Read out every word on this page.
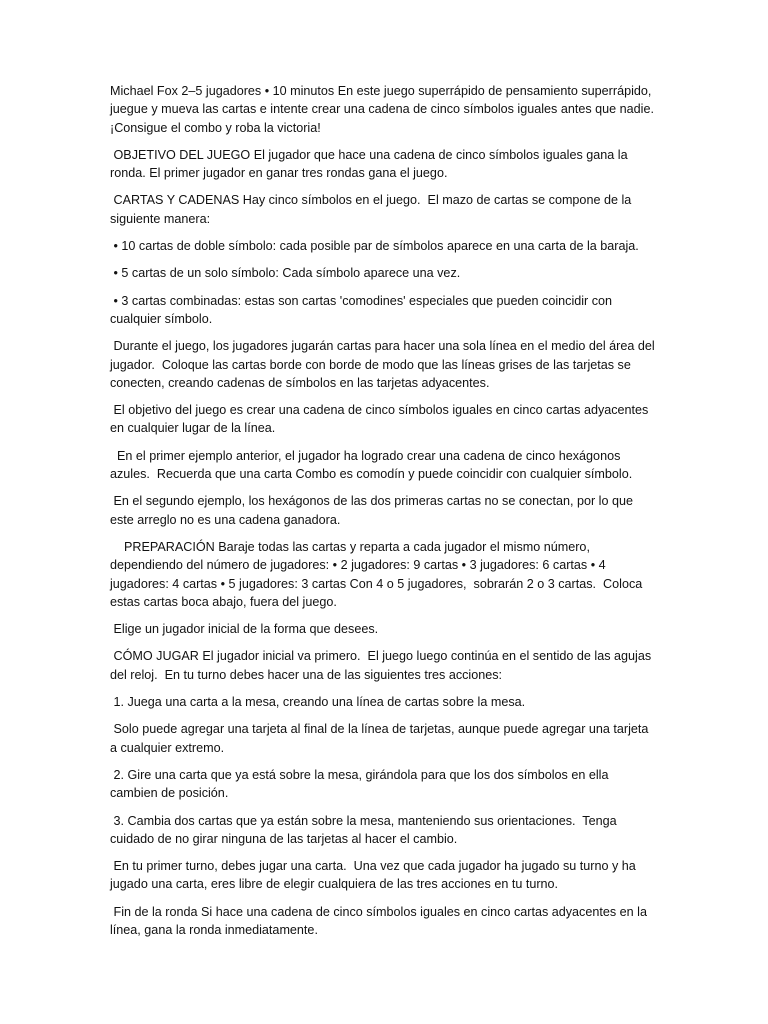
Michael Fox 2–5 jugadores • 10 minutos En este juego superrápido de pensamiento superrápido, juegue y mueva las cartas e intente crear una cadena de cinco símbolos iguales antes que nadie.  ¡Consigue el combo y roba la victoria!

OBJETIVO DEL JUEGO El jugador que hace una cadena de cinco símbolos iguales gana la ronda. El primer jugador en ganar tres rondas gana el juego.

CARTAS Y CADENAS Hay cinco símbolos en el juego.  El mazo de cartas se compone de la siguiente manera:

• 10 cartas de doble símbolo: cada posible par de símbolos aparece en una carta de la baraja.

• 5 cartas de un solo símbolo: Cada símbolo aparece una vez.

• 3 cartas combinadas: estas son cartas 'comodines' especiales que pueden coincidir con cualquier símbolo.

Durante el juego, los jugadores jugarán cartas para hacer una sola línea en el medio del área del jugador.  Coloque las cartas borde con borde de modo que las líneas grises de las tarjetas se conecten, creando cadenas de símbolos en las tarjetas adyacentes.

El objetivo del juego es crear una cadena de cinco símbolos iguales en cinco cartas adyacentes en cualquier lugar de la línea.

En el primer ejemplo anterior, el jugador ha logrado crear una cadena de cinco hexágonos azules.  Recuerda que una carta Combo es comodín y puede coincidir con cualquier símbolo.

En el segundo ejemplo, los hexágonos de las dos primeras cartas no se conectan, por lo que este arreglo no es una cadena ganadora.

PREPARACIÓN Baraje todas las cartas y reparta a cada jugador el mismo número, dependiendo del número de jugadores: • 2 jugadores: 9 cartas • 3 jugadores: 6 cartas • 4 jugadores: 4 cartas • 5 jugadores: 3 cartas Con 4 o 5 jugadores,  sobrarán 2 o 3 cartas.  Coloca estas cartas boca abajo, fuera del juego.

Elige un jugador inicial de la forma que desees.

CÓMO JUGAR El jugador inicial va primero.  El juego luego continúa en el sentido de las agujas del reloj.  En tu turno debes hacer una de las siguientes tres acciones:

1. Juega una carta a la mesa, creando una línea de cartas sobre la mesa.

Solo puede agregar una tarjeta al final de la línea de tarjetas, aunque puede agregar una tarjeta a cualquier extremo.

2. Gire una carta que ya está sobre la mesa, girándola para que los dos símbolos en ella cambien de posición.

3. Cambia dos cartas que ya están sobre la mesa, manteniendo sus orientaciones.  Tenga cuidado de no girar ninguna de las tarjetas al hacer el cambio.

En tu primer turno, debes jugar una carta.  Una vez que cada jugador ha jugado su turno y ha jugado una carta, eres libre de elegir cualquiera de las tres acciones en tu turno.

Fin de la ronda Si hace una cadena de cinco símbolos iguales en cinco cartas adyacentes en la línea, gana la ronda inmediatamente.
